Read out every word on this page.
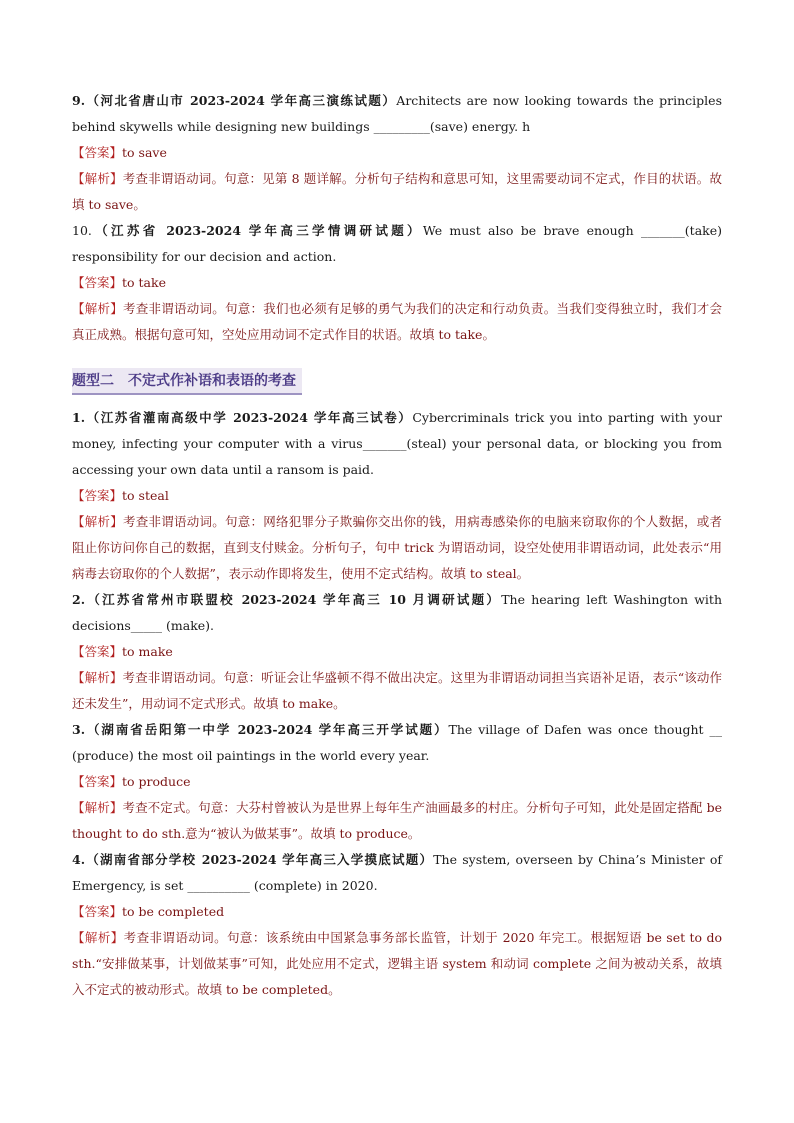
9.（河北省唐山市 2023-2024 学年高三演练试题）Architects are now looking towards the principles behind skywells while designing new buildings _________(save) energy. h

【答案】to save

【解析】考查非谓语动词。句意：见第 8 题详解。分析句子结构和意思可知，这里需要动词不定式，作目的状语。故填 to save。

10.（江苏省 2023-2024 学年高三学情调研试题）We must also be brave enough _______(take) responsibility for our decision and action.

【答案】to take

【解析】考查非谓语动词。句意：我们也必须有足够的勇气为我们的决定和行动负责。当我们变得独立时，我们才会真正成熟。根据句意可知，空处应用动词不定式作目的状语。故填 to take。

题型二　不定式作补语和表语的考查

1.（江苏省灌南高级中学 2023-2024 学年高三试卷）Cybercriminals trick you into parting with your money, infecting your computer with a virus_______(steal) your personal data, or blocking you from accessing your own data until a ransom is paid.

【答案】to steal

【解析】考查非谓语动词。句意：网络犯罪分子欺骗你交出你的钱，用病毒感染你的电脑来窃取你的个人数据，或者阻止你访问你自己的数据，直到支付赎金。分析句子，句中 trick 为谓语动词，设空处使用非谓语动词，此处表示“用病毒去窃取你的个人数据”，表示动作即将发生，使用不定式结构。故填 to steal。

2.（江苏省常州市联盟校 2023-2024 学年高三 10 月调研试题）The hearing left Washington with decisions_____ (make).

【答案】to make

【解析】考查非谓语动词。句意：听证会让华盛顿不得不做出决定。这里为非谓语动词担当宾语补足语，表示“该动作还未发生”，用动词不定式形式。故填 to make。

3.（湖南省岳阳第一中学 2023-2024 学年高三开学试题）The village of Dafen was once thought __ (produce) the most oil paintings in the world every year.

【答案】to produce

【解析】考查不定式。句意：大芬村曾被认为是世界上每年生产油画最多的村庄。分析句子可知，此处是固定搭配 be thought to do sth.意为“被认为做某事”。故填 to produce。

4.（湖南省部分学校 2023-2024 学年高三入学摸底试题）The system, overseen by China’s Minister of Emergency, is set __________ (complete) in 2020.

【答案】to be completed

【解析】考查非谓语动词。句意：该系统由中国紧急事务部长监管，计划于 2020 年完工。根据短语 be set to do sth.“安排做某事，计划做某事”可知，此处应用不定式，逻辑主语 system 和动词 complete 之间为被动关系，故填入不定式的被动形式。故填 to be completed。
